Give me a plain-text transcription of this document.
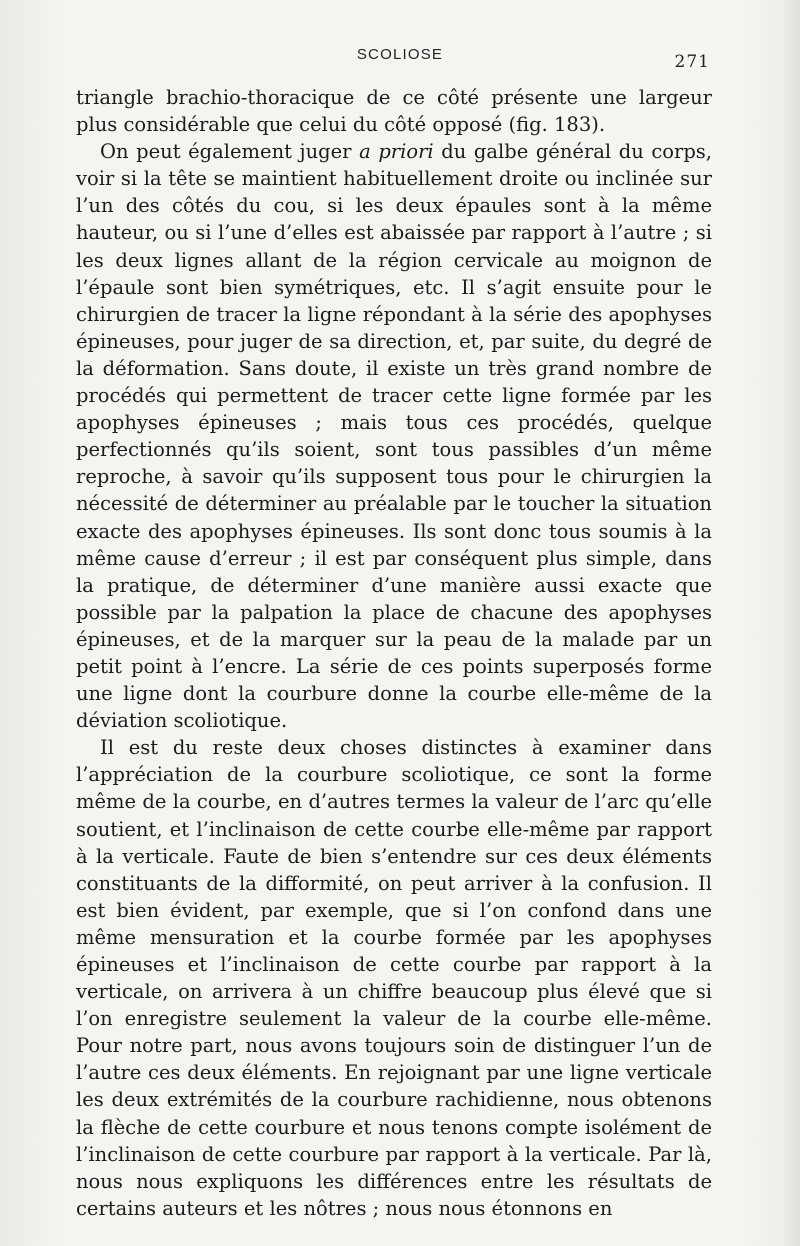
SCOLIOSE	271

triangle brachio-thoracique de ce côté présente une largeur plus considérable que celui du côté opposé (fig. 183).

On peut également juger a priori du galbe général du corps, voir si la tête se maintient habituellement droite ou inclinée sur l’un des côtés du cou, si les deux épaules sont à la même hauteur, ou si l’une d’elles est abaissée par rapport à l’autre ; si les deux lignes allant de la région cervicale au moignon de l’épaule sont bien symétriques, etc. Il s’agit ensuite pour le chirurgien de tracer la ligne répondant à la série des apophyses épineuses, pour juger de sa direction, et, par suite, du degré de la déformation. Sans doute, il existe un très grand nombre de procédés qui permettent de tracer cette ligne formée par les apophyses épineuses ; mais tous ces procédés, quelque perfectionnés qu’ils soient, sont tous passibles d’un même reproche, à savoir qu’ils supposent tous pour le chirurgien la nécessité de déterminer au préalable par le toucher la situation exacte des apophyses épineuses. Ils sont donc tous soumis à la même cause d’erreur ; il est par conséquent plus simple, dans la pratique, de déterminer d’une manière aussi exacte que possible par la palpation la place de chacune des apophyses épineuses, et de la marquer sur la peau de la malade par un petit point à l’encre. La série de ces points superposés forme une ligne dont la courbure donne la courbe elle-même de la déviation scoliotique.

Il est du reste deux choses distinctes à examiner dans l’appréciation de la courbure scoliotique, ce sont la forme même de la courbe, en d’autres termes la valeur de l’arc qu’elle soutient, et l’inclinaison de cette courbe elle-même par rapport à la verticale. Faute de bien s’entendre sur ces deux éléments constituants de la difformité, on peut arriver à la confusion. Il est bien évident, par exemple, que si l’on confond dans une même mensuration et la courbe formée par les apophyses épineuses et l’inclinaison de cette courbe par rapport à la verticale, on arrivera à un chiffre beaucoup plus élevé que si l’on enregistre seulement la valeur de la courbe elle-même. Pour notre part, nous avons toujours soin de distinguer l’un de l’autre ces deux éléments. En rejoignant par une ligne verticale les deux extrémités de la courbure rachidienne, nous obtenons la flèche de cette courbure et nous tenons compte isolément de l’inclinaison de cette courbure par rapport à la verticale. Par là, nous nous expliquons les différences entre les résultats de certains auteurs et les nôtres ; nous nous étonnons en
